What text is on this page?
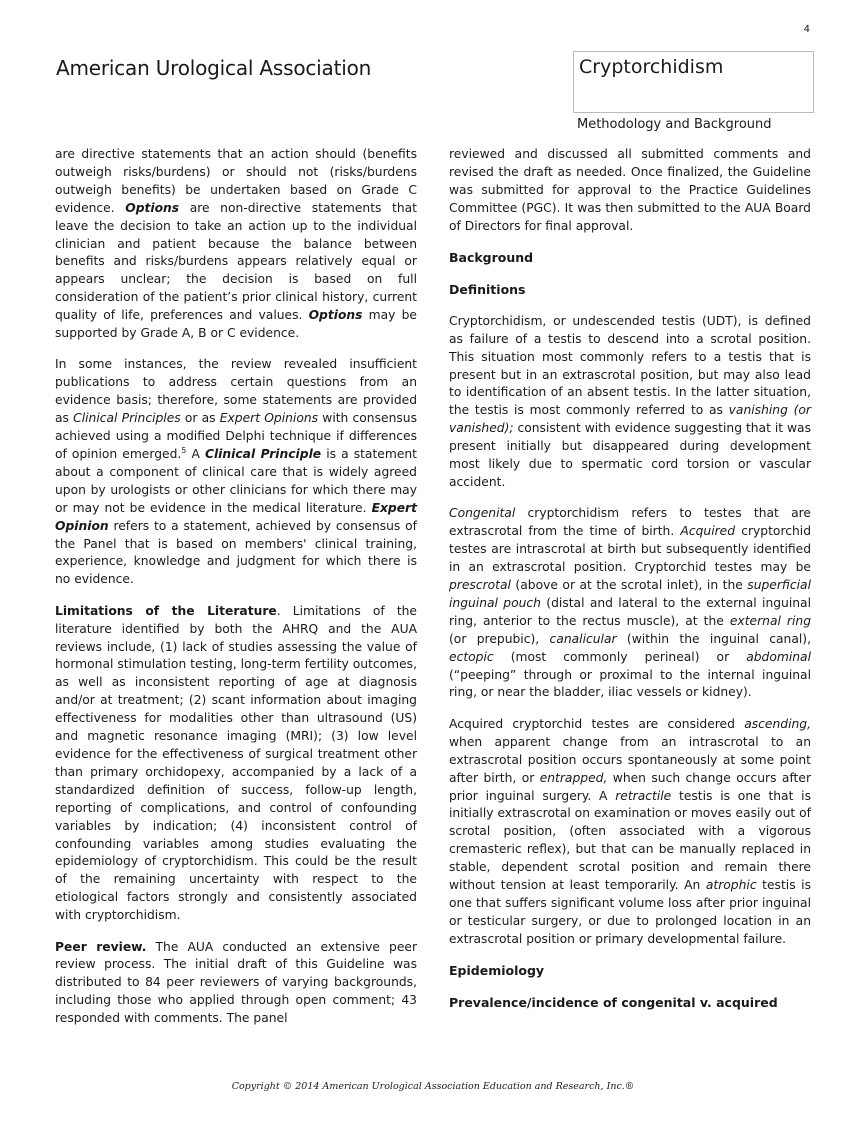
4
American Urological Association	Cryptorchidism
Methodology and Background

are directive statements that an action should (benefits outweigh risks/burdens) or should not (risks/burdens outweigh benefits) be undertaken based on Grade C evidence. Options are non-directive statements that leave the decision to take an action up to the individual clinician and patient because the balance between benefits and risks/burdens appears relatively equal or appears unclear; the decision is based on full consideration of the patient’s prior clinical history, current quality of life, preferences and values. Options may be supported by Grade A, B or C evidence.

In some instances, the review revealed insufficient publications to address certain questions from an evidence basis; therefore, some statements are provided as Clinical Principles or as Expert Opinions with consensus achieved using a modified Delphi technique if differences of opinion emerged.$^5$ A Clinical Principle is a statement about a component of clinical care that is widely agreed upon by urologists or other clinicians for which there may or may not be evidence in the medical literature. Expert Opinion refers to a statement, achieved by consensus of the Panel that is based on members' clinical training, experience, knowledge and judgment for which there is no evidence.

Limitations of the Literature. Limitations of the literature identified by both the AHRQ and the AUA reviews include, (1) lack of studies assessing the value of hormonal stimulation testing, long-term fertility outcomes, as well as inconsistent reporting of age at diagnosis and/or at treatment; (2) scant information about imaging effectiveness for modalities other than ultrasound (US) and magnetic resonance imaging (MRI); (3) low level evidence for the effectiveness of surgical treatment other than primary orchidopexy, accompanied by a lack of a standardized definition of success, follow-up length, reporting of complications, and control of confounding variables by indication; (4) inconsistent control of confounding variables among studies evaluating the epidemiology of cryptorchidism. This could be the result of the remaining uncertainty with respect to the etiological factors strongly and consistently associated with cryptorchidism.

Peer review. The AUA conducted an extensive peer review process. The initial draft of this Guideline was distributed to 84 peer reviewers of varying backgrounds, including those who applied through open comment; 43 responded with comments. The panel

reviewed and discussed all submitted comments and revised the draft as needed. Once finalized, the Guideline was submitted for approval to the Practice Guidelines Committee (PGC). It was then submitted to the AUA Board of Directors for final approval.

Background
Definitions

Cryptorchidism, or undescended testis (UDT), is defined as failure of a testis to descend into a scrotal position. This situation most commonly refers to a testis that is present but in an extrascrotal position, but may also lead to identification of an absent testis. In the latter situation, the testis is most commonly referred to as vanishing (or vanished); consistent with evidence suggesting that it was present initially but disappeared during development most likely due to spermatic cord torsion or vascular accident.

Congenital cryptorchidism refers to testes that are extrascrotal from the time of birth. Acquired cryptorchid testes are intrascrotal at birth but subsequently identified in an extrascrotal position. Cryptorchid testes may be prescrotal (above or at the scrotal inlet), in the superficial inguinal pouch (distal and lateral to the external inguinal ring, anterior to the rectus muscle), at the external ring (or prepubic), canalicular (within the inguinal canal), ectopic (most commonly perineal) or abdominal (“peeping” through or proximal to the internal inguinal ring, or near the bladder, iliac vessels or kidney).

Acquired cryptorchid testes are considered ascending, when apparent change from an intrascrotal to an extrascrotal position occurs spontaneously at some point after birth, or entrapped, when such change occurs after prior inguinal surgery. A retractile testis is one that is initially extrascrotal on examination or moves easily out of scrotal position, (often associated with a vigorous cremasteric reflex), but that can be manually replaced in stable, dependent scrotal position and remain there without tension at least temporarily. An atrophic testis is one that suffers significant volume loss after prior inguinal or testicular surgery, or due to prolonged location in an extrascrotal position or primary developmental failure.

Epidemiology
Prevalence/incidence of congenital v. acquired
Copyright © 2014 American Urological Association Education and Research, Inc.®
